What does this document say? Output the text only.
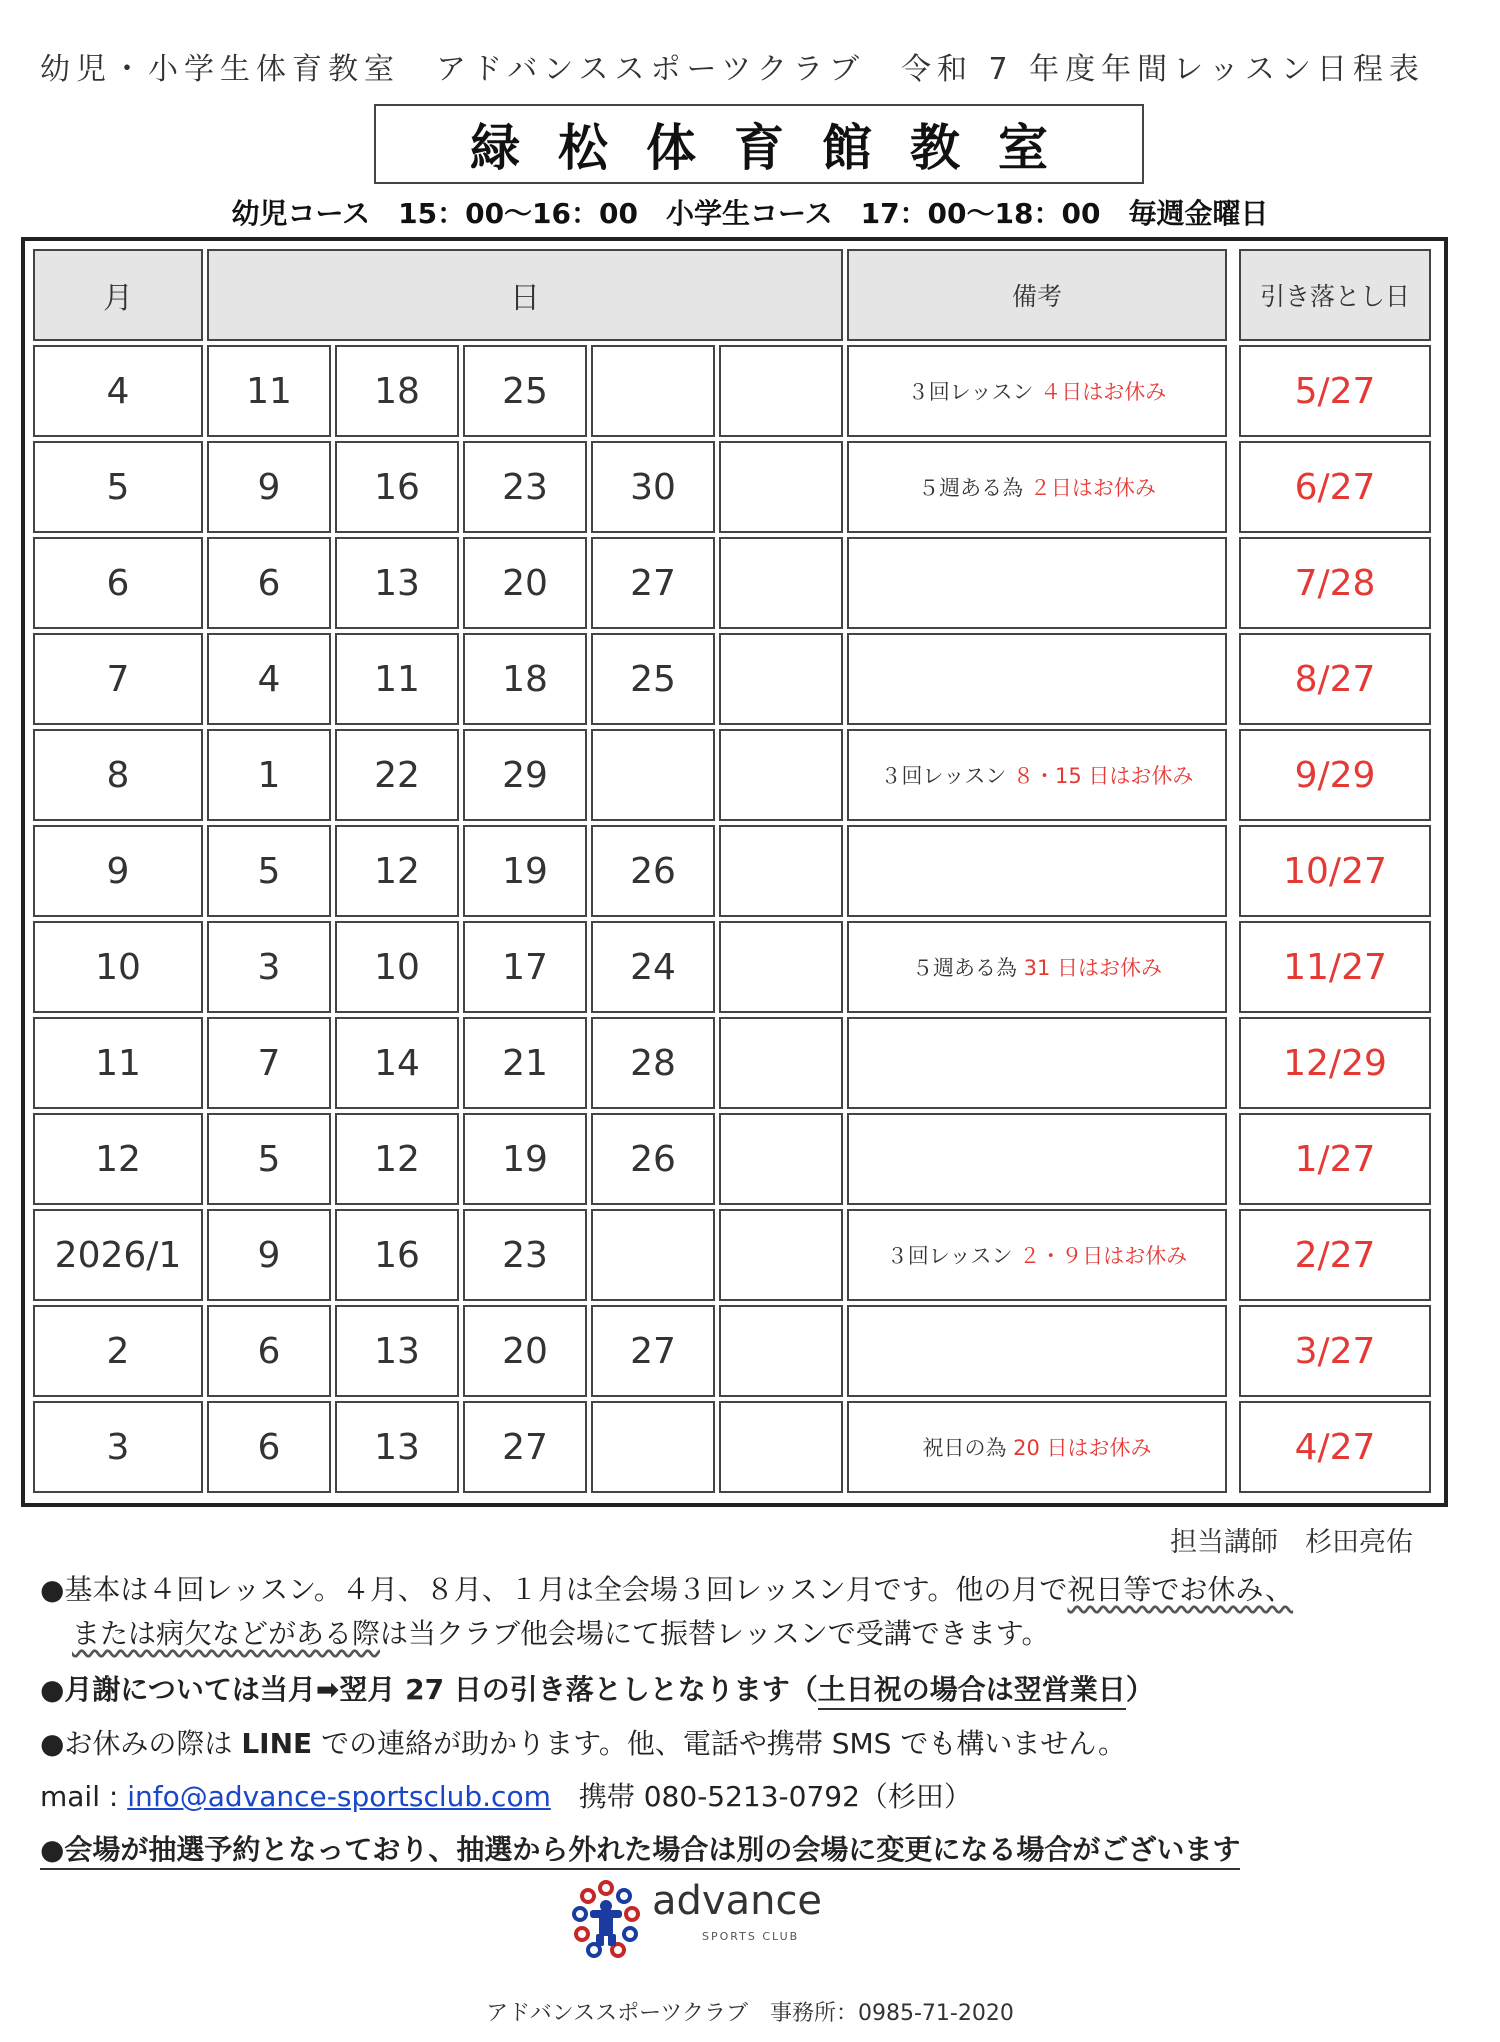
幼児・小学生体育教室　アドバンススポーツクラブ　令和 7 年度年間レッスン日程表
緑松体育館教室
幼児コース　15：00〜16：00　小学生コース　17：00〜18：00　毎週金曜日
月	日					備考		引き落とし日
4	11	18	25			３回レッスン ４日はお休み		5/27
5	9	16	23	30		５週ある為 ２日はお休み		6/27
6	6	13	20	27				7/28
7	4	11	18	25				8/27
8	1	22	29			３回レッスン ８・15 日はお休み		9/29
9	5	12	19	26				10/27
10	3	10	17	24		５週ある為 31 日はお休み		11/27
11	7	14	21	28				12/29
12	5	12	19	26				1/27
2026/1	9	16	23			３回レッスン ２・９日はお休み		2/27
2	6	13	20	27				3/27
3	6	13	27			祝日の為 20 日はお休み		4/27
担当講師　杉田亮佑
●基本は４回レッスン。４月、８月、１月は全会場３回レッスン月です。他の月で祝日等でお休み、
または病欠などがある際は当クラブ他会場にて振替レッスンで受講できます。
●月謝については当月➡翌月 27 日の引き落としとなります（土日祝の場合は翌営業日）
●お休みの際は LINE での連絡が助かります。他、電話や携帯 SMS でも構いません。
mail : info@advance-sportsclub.com　携帯 080-5213-0792（杉田）
●会場が抽選予約となっており、抽選から外れた場合は別の会場に変更になる場合がございます
advance
SPORTS CLUB
アドバンススポーツクラブ　事務所：0985-71-2020
